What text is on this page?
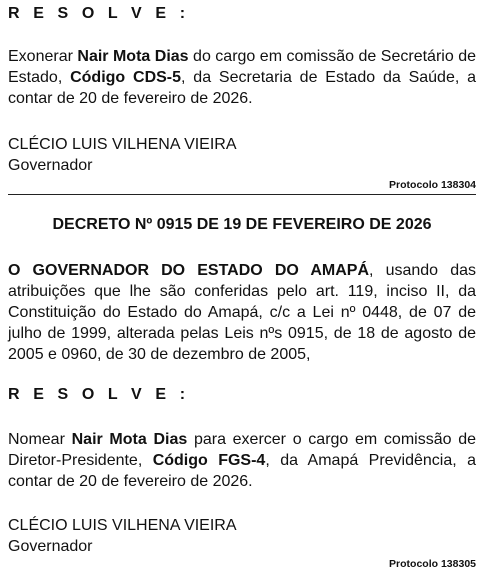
R E S O L V E :

Exonerar Nair Mota Dias do cargo em comissão de Secretário de Estado, Código CDS-5, da Secretaria de Estado da Saúde, a contar de 20 de fevereiro de 2026.

CLÉCIO LUIS VILHENA VIEIRA

Governador

Protocolo 138304

DECRETO Nº 0915 DE 19 DE FEVEREIRO DE 2026

O GOVERNADOR DO ESTADO DO AMAPÁ, usando das atribuições que lhe são conferidas pelo art. 119, inciso II, da Constituição do Estado do Amapá, c/c a Lei nº 0448, de 07 de julho de 1999, alterada pelas Leis nºs 0915, de 18 de agosto de 2005 e 0960, de 30 de dezembro de 2005,

R E S O L V E :

Nomear Nair Mota Dias para exercer o cargo em comissão de Diretor-Presidente, Código FGS-4, da Amapá Previdência, a contar de 20 de fevereiro de 2026.

CLÉCIO LUIS VILHENA VIEIRA

Governador

Protocolo 138305
